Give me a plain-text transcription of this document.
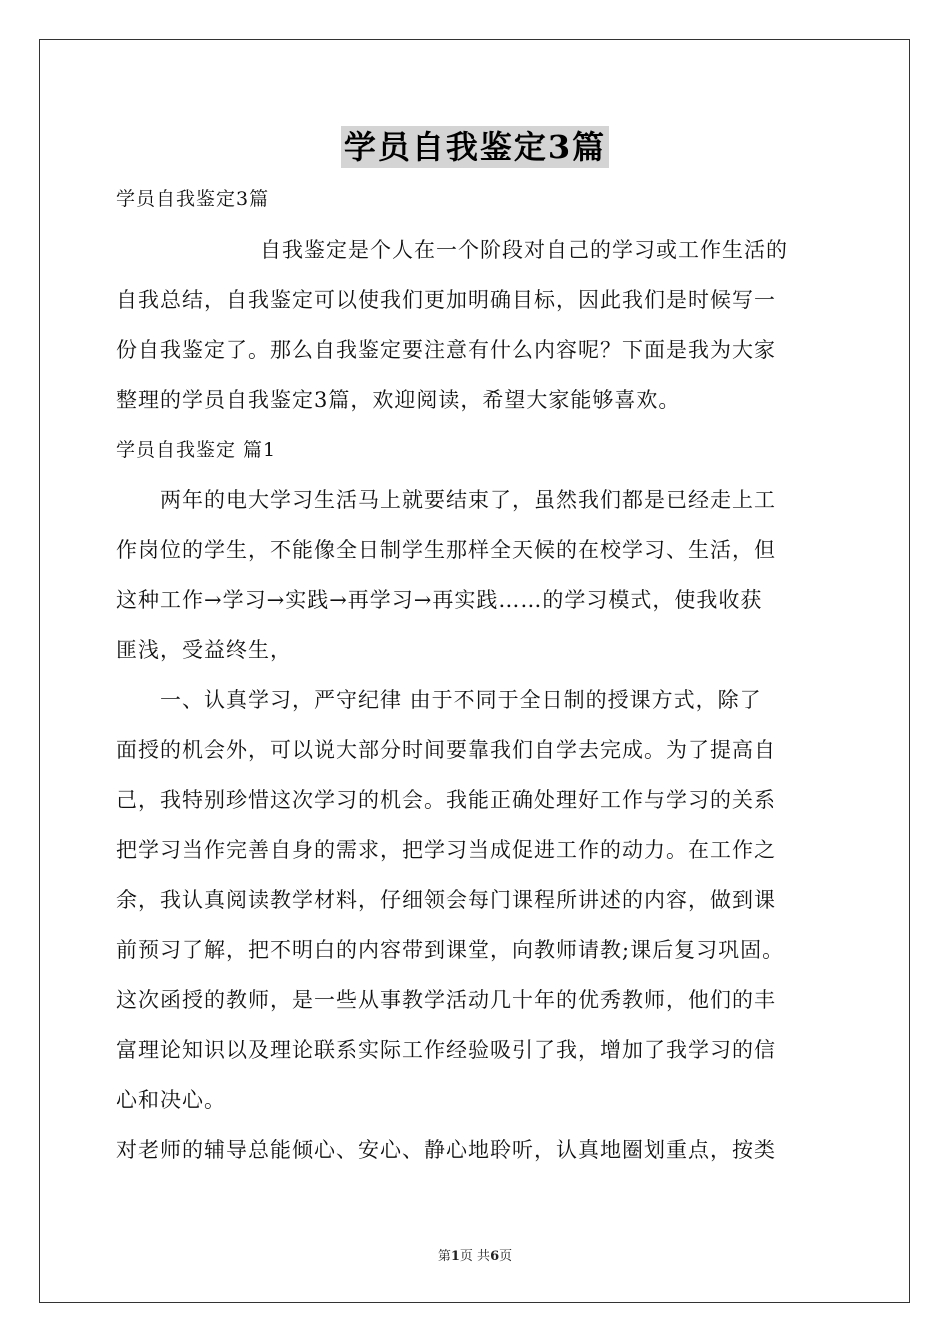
学员自我鉴定3篇
学员自我鉴定3篇
自我鉴定是个人在一个阶段对自己的学习或工作生活的
自我总结，自我鉴定可以使我们更加明确目标，因此我们是时候写一
份自我鉴定了。那么自我鉴定要注意有什么内容呢？下面是我为大家
整理的学员自我鉴定3篇，欢迎阅读，希望大家能够喜欢。
学员自我鉴定 篇1
两年的电大学习生活马上就要结束了，虽然我们都是已经走上工
作岗位的学生，不能像全日制学生那样全天候的在校学习、生活，但
这种工作→学习→实践→再学习→再实践……的学习模式，使我收获
匪浅，受益终生，
一、认真学习，严守纪律 由于不同于全日制的授课方式，除了
面授的机会外，可以说大部分时间要靠我们自学去完成。为了提高自
己，我特别珍惜这次学习的机会。我能正确处理好工作与学习的关系
把学习当作完善自身的需求，把学习当成促进工作的动力。在工作之
余，我认真阅读教学材料，仔细领会每门课程所讲述的内容，做到课
前预习了解，把不明白的内容带到课堂，向教师请教;课后复习巩固。
这次函授的教师，是一些从事教学活动几十年的优秀教师，他们的丰
富理论知识以及理论联系实际工作经验吸引了我，增加了我学习的信
心和决心。
对老师的辅导总能倾心、安心、静心地聆听，认真地圈划重点，按类
第1页 共6页
